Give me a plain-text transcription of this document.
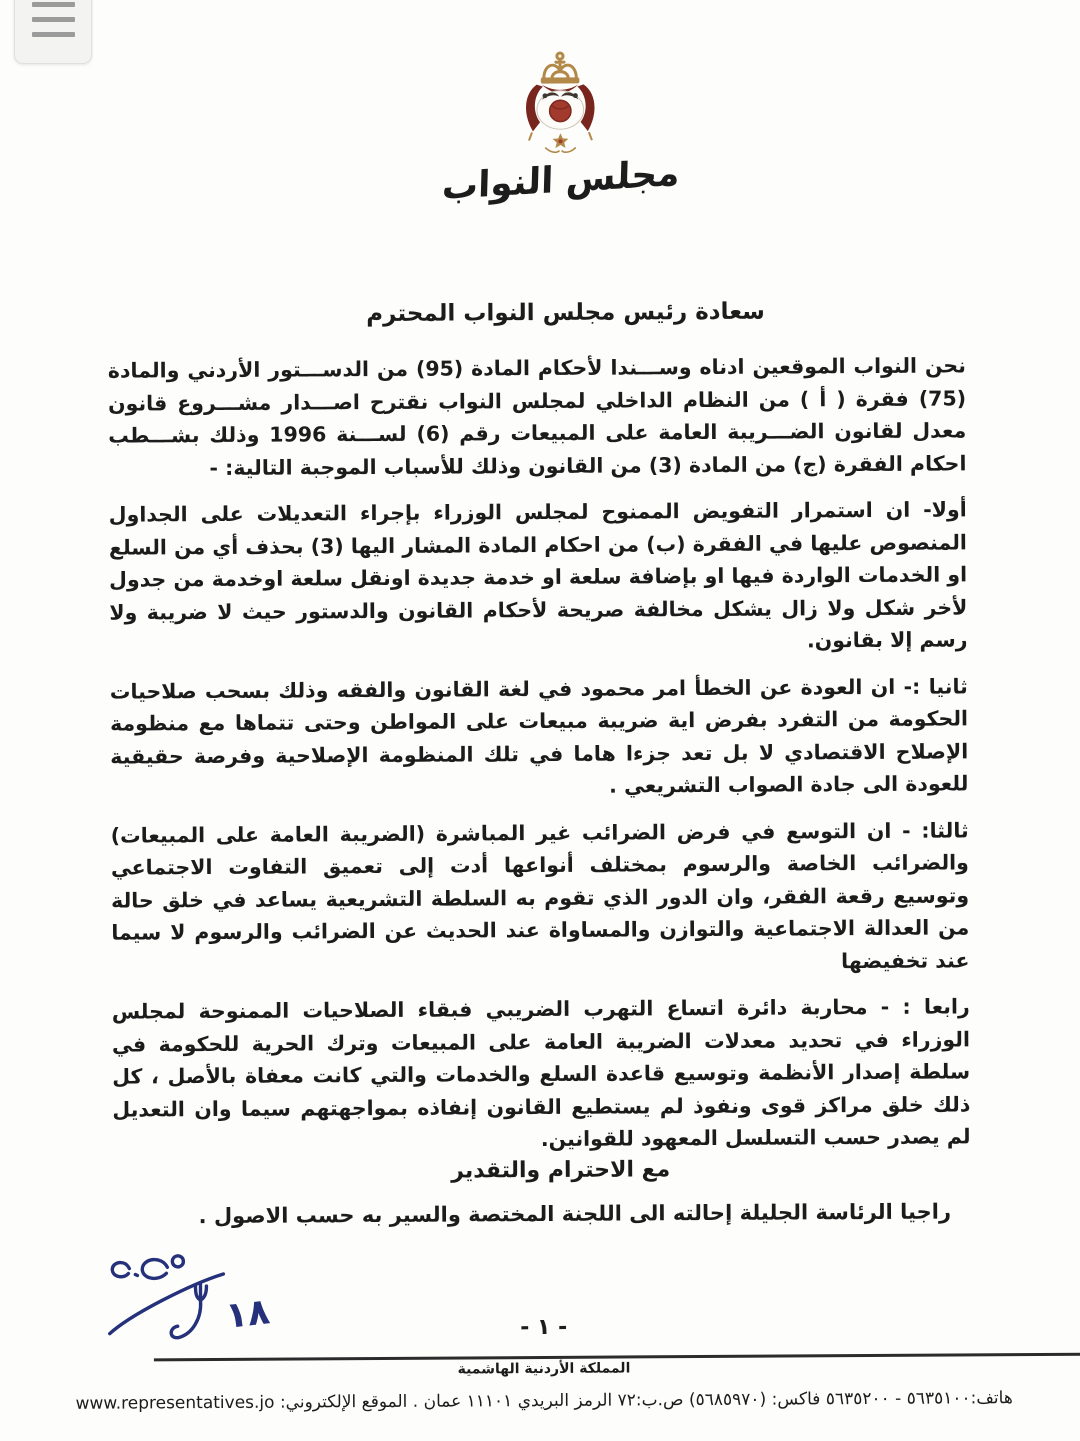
مجلس النواب
سعادة رئيس مجلس النواب المحترم

نحن النواب الموقعين ادناه وســـندا لأحكام المادة (95) من الدســـتور الأردني والمادة (75) فقرة ( أ ) من النظام الداخلي لمجلس النواب نقترح اصـــدار مشـــروع قانون معدل لقانون الضـــريبة العامة على المبيعات رقم (6) لســـنة 1996 وذلك بشـــطب احكام الفقرة (ج) من المادة (3) من القانون وذلك للأسباب الموجبة التالية: -

أولا- ان استمرار التفويض الممنوح لمجلس الوزراء بإجراء التعديلات على الجداول المنصوص عليها في الفقرة (ب) من احكام المادة المشار اليها (3) بحذف أي من السلع او الخدمات الواردة فيها او بإضافة سلعة او خدمة جديدة اونقل سلعة اوخدمة من جدول لأخر شكل ولا زال يشكل مخالفة صريحة لأحكام القانون والدستور حيث لا ضريبة ولا رسم إلا بقانون.

ثانيا :- ان العودة عن الخطأ امر محمود في لغة القانون والفقه وذلك بسحب صلاحيات الحكومة من التفرد بفرض اية ضريبة مبيعات على المواطن وحتى تتماها مع منظومة الإصلاح الاقتصادي لا بل تعد جزءا هاما في تلك المنظومة الإصلاحية وفرصة حقيقية للعودة الى جادة الصواب التشريعي .

ثالثا: - ان التوسع في فرض الضرائب غير المباشرة (الضريبة العامة على المبيعات) والضرائب الخاصة والرسوم بمختلف أنواعها أدت إلى تعميق التفاوت الاجتماعي وتوسيع رقعة الفقر، وان الدور الذي تقوم به السلطة التشريعية يساعد في خلق حالة من العدالة الاجتماعية والتوازن والمساواة عند الحديث عن الضرائب والرسوم لا سيما عند تخفيضها

رابعا : - محاربة دائرة اتساع التهرب الضريبي فبقاء الصلاحيات الممنوحة لمجلس الوزراء في تحديد معدلات الضريبة العامة على المبيعات وترك الحرية للحكومة في سلطة إصدار الأنظمة وتوسيع قاعدة السلع والخدمات والتي كانت معفاة بالأصل ، كل ذلك خلق مراكز قوى ونفوذ لم يستطيع القانون إنفاذه بمواجهتهم سيما وان التعديل لم يصدر حسب التسلسل المعهود للقوانين.

مع الاحترام والتقدير
راجيا الرئاسة الجليلة إحالته الى اللجنة المختصة والسير به حسب الاصول .
١٨	- ١ -
المملكة الأردنية الهاشمية
هاتف:٥٦٣٥١٠٠ - ٥٦٣٥٢٠٠ فاكس: (٥٦٨٥٩٧٠) ص.ب:٧٢ الرمز البريدي ١١١٠١ عمان . الموقع الإلكتروني: www.representatives.jo
